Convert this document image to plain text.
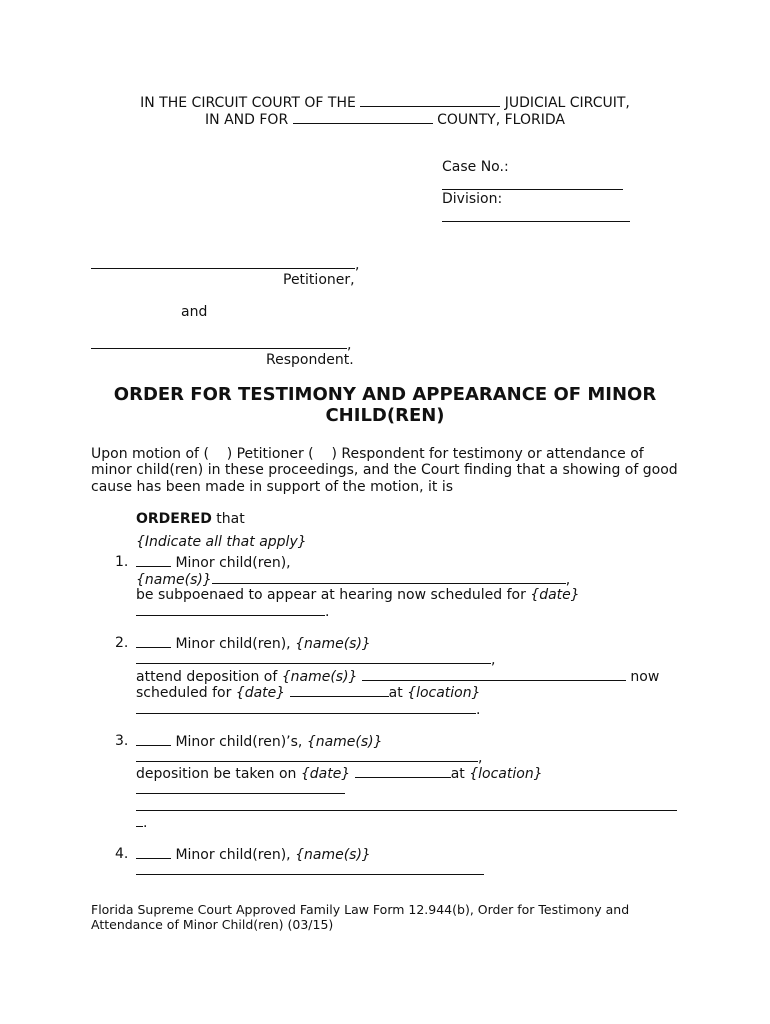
IN THE CIRCUIT COURT OF THE	JUDICIAL CIRCUIT,
IN AND FOR	COUNTY, FLORIDA
Case No.:
Division:
,
Petitioner,
and
,
Respondent.
ORDER FOR TESTIMONY AND APPEARANCE OF MINOR
CHILD(REN)
Upon motion of (    ) Petitioner (    ) Respondent for testimony or attendance of
minor child(ren) in these proceedings, and the Court finding that a showing of good
cause has been made in support of the motion, it is
ORDERED that
{Indicate all that apply}
1.	Minor child(ren),
{name(s)}	,
be subpoenaed to appear at hearing now scheduled for {date}
.
2.	Minor child(ren), {name(s)}
,
attend deposition of {name(s)}	now
scheduled for {date}	at {location}
.
3.	Minor child(ren)’s, {name(s)}
,
deposition be taken on {date}	at {location}
.
4.	Minor child(ren), {name(s)}
Florida Supreme Court Approved Family Law Form 12.944(b), Order for Testimony and
Attendance of Minor Child(ren) (03/15)
